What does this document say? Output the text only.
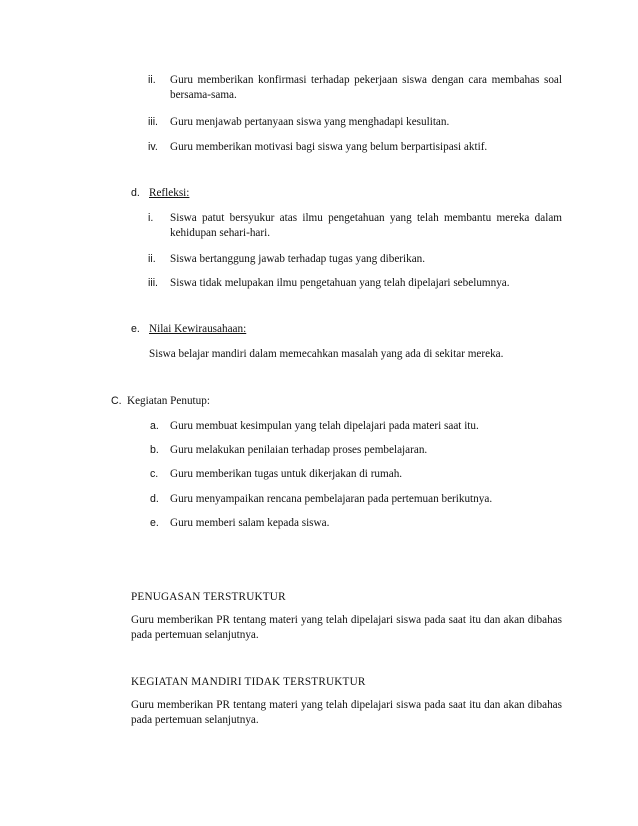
ii. Guru memberikan konfirmasi terhadap pekerjaan siswa dengan cara membahas soal bersama-sama.
iii. Guru menjawab pertanyaan siswa yang menghadapi kesulitan.
iv. Guru memberikan motivasi bagi siswa yang belum berpartisipasi aktif.
d. Refleksi:
i. Siswa patut bersyukur atas ilmu pengetahuan yang telah membantu mereka dalam kehidupan sehari-hari.
ii. Siswa bertanggung jawab terhadap tugas yang diberikan.
iii. Siswa tidak melupakan ilmu pengetahuan yang telah dipelajari sebelumnya.
e. Nilai Kewirausahaan:
Siswa belajar mandiri dalam memecahkan masalah yang ada di sekitar mereka.
C. Kegiatan Penutup:
a. Guru membuat kesimpulan yang telah dipelajari pada materi saat itu.
b. Guru melakukan penilaian terhadap proses pembelajaran.
c. Guru memberikan tugas untuk dikerjakan di rumah.
d. Guru menyampaikan rencana pembelajaran pada pertemuan berikutnya.
e. Guru memberi salam kepada siswa.
PENUGASAN TERSTRUKTUR
Guru memberikan PR tentang materi yang telah dipelajari siswa pada saat itu dan akan dibahas pada pertemuan selanjutnya.
KEGIATAN MANDIRI TIDAK TERSTRUKTUR
Guru memberikan PR tentang materi yang telah dipelajari siswa pada saat itu dan akan dibahas pada pertemuan selanjutnya.
